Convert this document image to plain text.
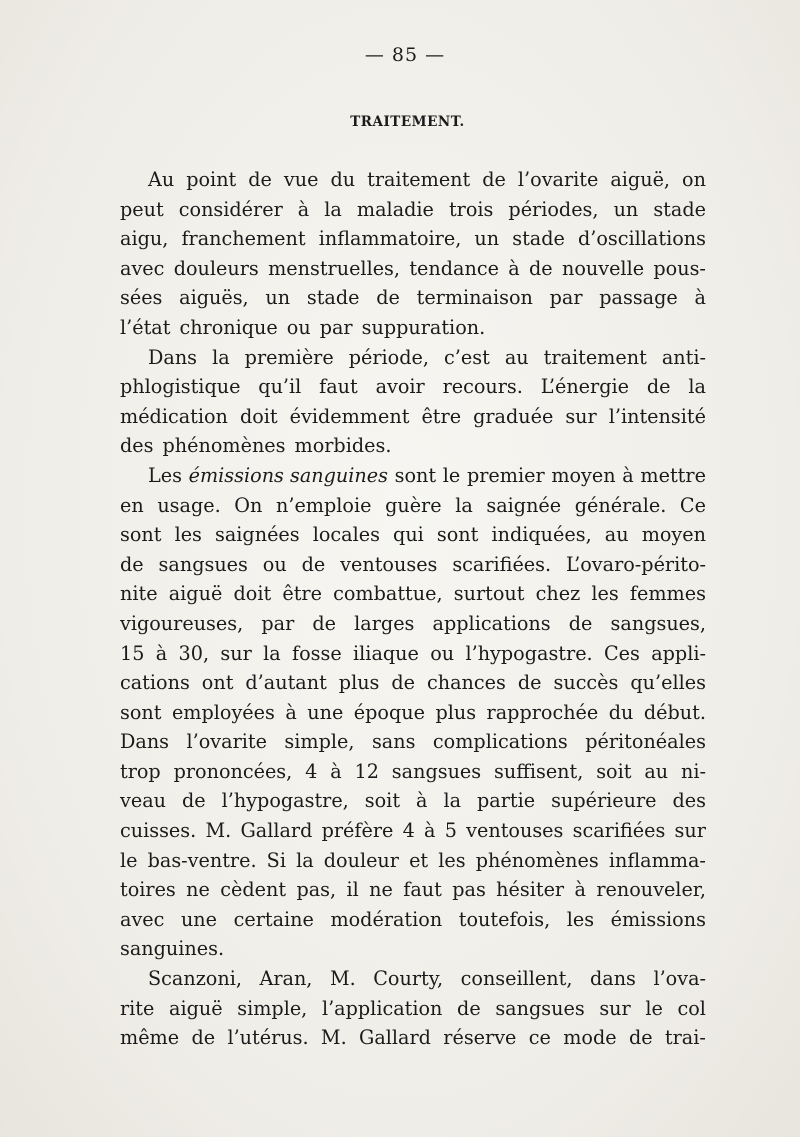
— 85 —
TRAITEMENT.
Au point de vue du traitement de l’ovarite aiguë, on
peut considérer à la maladie trois périodes, un stade
aigu, franchement inflammatoire, un stade d’oscillations
avec douleurs menstruelles, tendance à de nouvelle pous-
sées aiguës, un stade de terminaison par passage à
l’état chronique ou par suppuration.
Dans la première période, c’est au traitement anti-
phlogistique qu’il faut avoir recours. L’énergie de la
médication doit évidemment être graduée sur l’intensité
des phénomènes morbides.
Les émissions sanguines sont le premier moyen à mettre
en usage. On n’emploie guère la saignée générale. Ce
sont les saignées locales qui sont indiquées, au moyen
de sangsues ou de ventouses scarifiées. L’ovaro-périto-
nite aiguë doit être combattue, surtout chez les femmes
vigoureuses, par de larges applications de sangsues,
15 à 30, sur la fosse iliaque ou l’hypogastre. Ces appli-
cations ont d’autant plus de chances de succès qu’elles
sont employées à une époque plus rapprochée du début.
Dans l’ovarite simple, sans complications péritonéales
trop prononcées, 4 à 12 sangsues suffisent, soit au ni-
veau de l’hypogastre, soit à la partie supérieure des
cuisses. M. Gallard préfère 4 à 5 ventouses scarifiées sur
le bas-ventre. Si la douleur et les phénomènes inflamma-
toires ne cèdent pas, il ne faut pas hésiter à renouveler,
avec une certaine modération toutefois, les émissions
sanguines.
Scanzoni, Aran, M. Courty, conseillent, dans l’ova-
rite aiguë simple, l’application de sangsues sur le col
même de l’utérus. M. Gallard réserve ce mode de trai-
